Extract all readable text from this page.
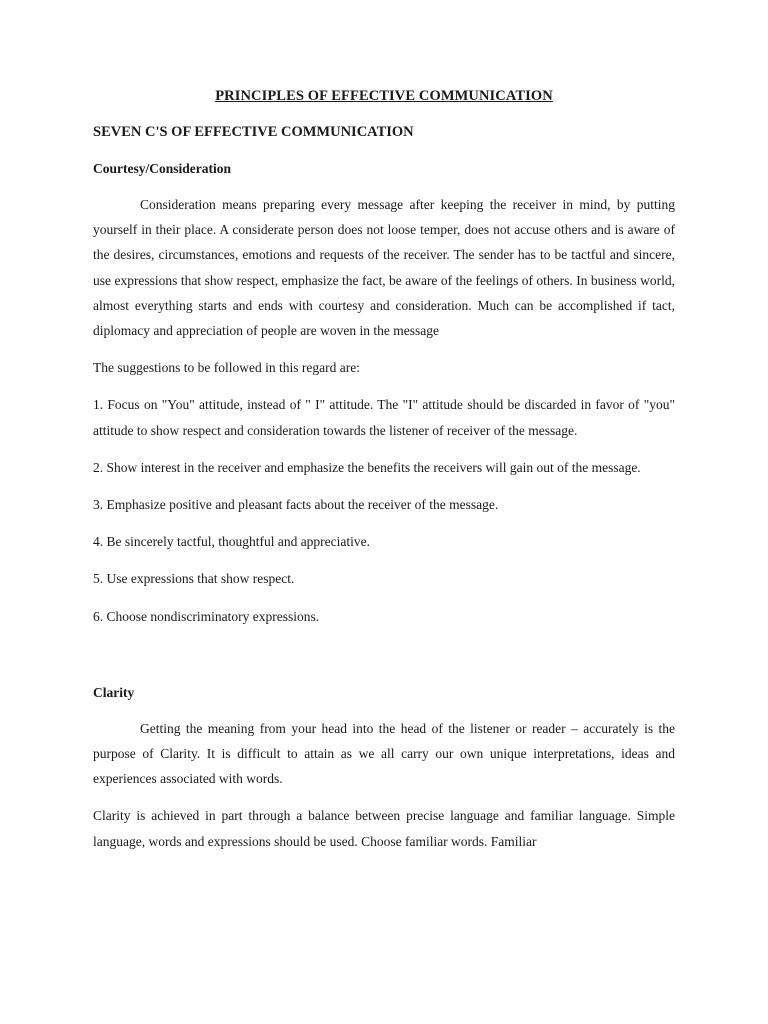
PRINCIPLES OF EFFECTIVE COMMUNICATION
SEVEN C'S OF EFFECTIVE COMMUNICATION
Courtesy/Consideration

Consideration means preparing every message after keeping the receiver in mind, by putting yourself in their place. A considerate person does not loose temper, does not accuse others and is aware of the desires, circumstances, emotions and requests of the receiver. The sender has to be tactful and sincere, use expressions that show respect, emphasize the fact, be aware of the feelings of others. In business world, almost everything starts and ends with courtesy and consideration. Much can be accomplished if tact, diplomacy and appreciation of people are woven in the message

The suggestions to be followed in this regard are:

1. Focus on "You" attitude, instead of " I" attitude. The "I" attitude should be discarded in favor of "you" attitude to show respect and consideration towards the listener of receiver of the message.

2. Show interest in the receiver and emphasize the benefits the receivers will gain out of the message.

3. Emphasize positive and pleasant facts about the receiver of the message.

4. Be sincerely tactful, thoughtful and appreciative.

5. Use expressions that show respect.

6. Choose nondiscriminatory expressions.

Clarity

Getting the meaning from your head into the head of the listener or reader – accurately is the purpose of Clarity. It is difficult to attain as we all carry our own unique interpretations, ideas and experiences associated with words.

Clarity is achieved in part through a balance between precise language and familiar language. Simple language, words and expressions should be used. Choose familiar words. Familiar
